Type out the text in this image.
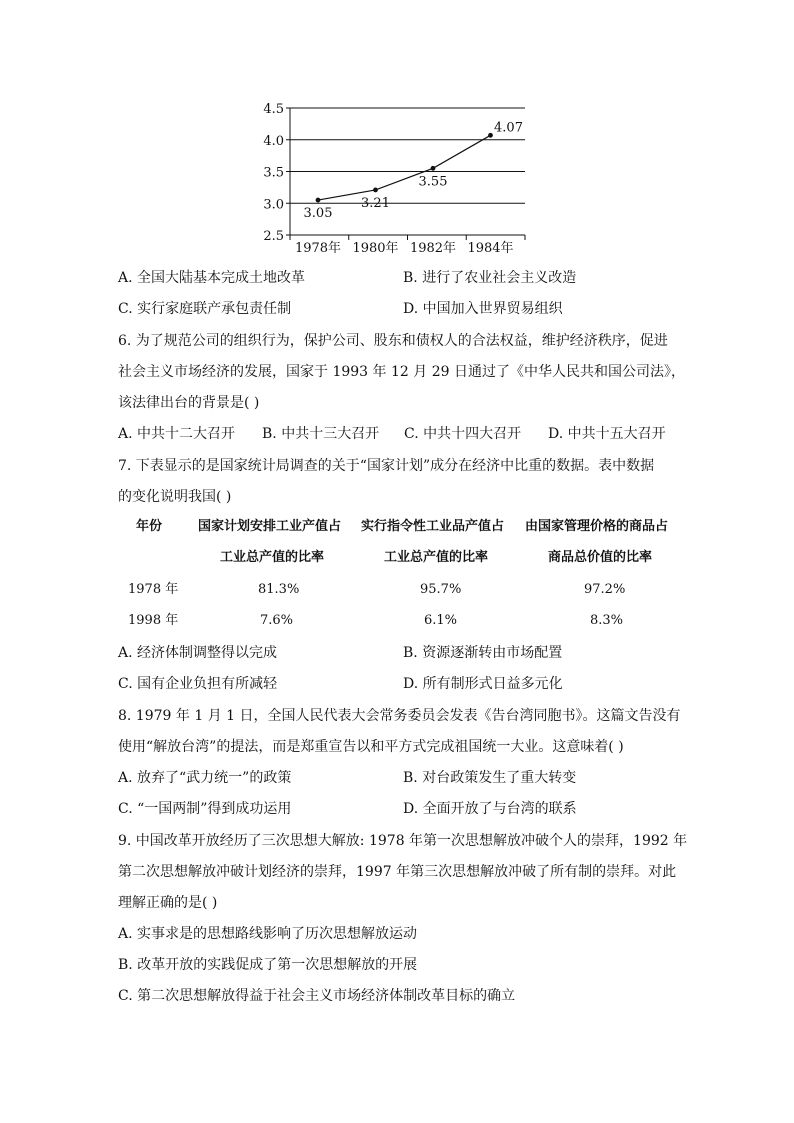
4.5
4.0
3.5
3.0
2.5
1978年 1980年 1982年 1984年
3.05
3.21
3.55
4.07
A. 全国大陆基本完成土地改革	B. 进行了农业社会主义改造
C. 实行家庭联产承包责任制	D. 中国加入世界贸易组织
6. 为了规范公司的组织行为，保护公司、股东和债权人的合法权益，维护经济秩序，促进
社会主义市场经济的发展，国家于 1993 年 12 月 29 日通过了《中华人民共和国公司法》，
该法律出台的背景是( )
A. 中共十二大召开 B. 中共十三大召开 C. 中共十四大召开 D. 中共十五大召开
7. 下表显示的是国家统计局调查的关于“国家计划”成分在经济中比重的数据。表中数据
的变化说明我国( )
年份	国家计划安排工业产值占 实行指令性工业品产值占 由国家管理价格的商品占
工业总产值的比率	工业总产值的比率	商品总价值的比率
1978 年	81.3%	95.7%	97.2%
1998 年	7.6%	6.1%	8.3%
A. 经济体制调整得以完成	B. 资源逐渐转由市场配置
C. 国有企业负担有所减轻	D. 所有制形式日益多元化
8. 1979 年 1 月 1 日，全国人民代表大会常务委员会发表《告台湾同胞书》。这篇文告没有
使用“解放台湾”的提法，而是郑重宣告以和平方式完成祖国统一大业。这意味着( )
A. 放弃了“武力统一”的政策	B. 对台政策发生了重大转变
C. “一国两制”得到成功运用	D. 全面开放了与台湾的联系
9. 中国改革开放经历了三次思想大解放: 1978 年第一次思想解放冲破个人的崇拜，1992 年
第二次思想解放冲破计划经济的崇拜，1997 年第三次思想解放冲破了所有制的崇拜。对此
理解正确的是( )
A. 实事求是的思想路线影响了历次思想解放运动
B. 改革开放的实践促成了第一次思想解放的开展
C. 第二次思想解放得益于社会主义市场经济体制改革目标的确立
